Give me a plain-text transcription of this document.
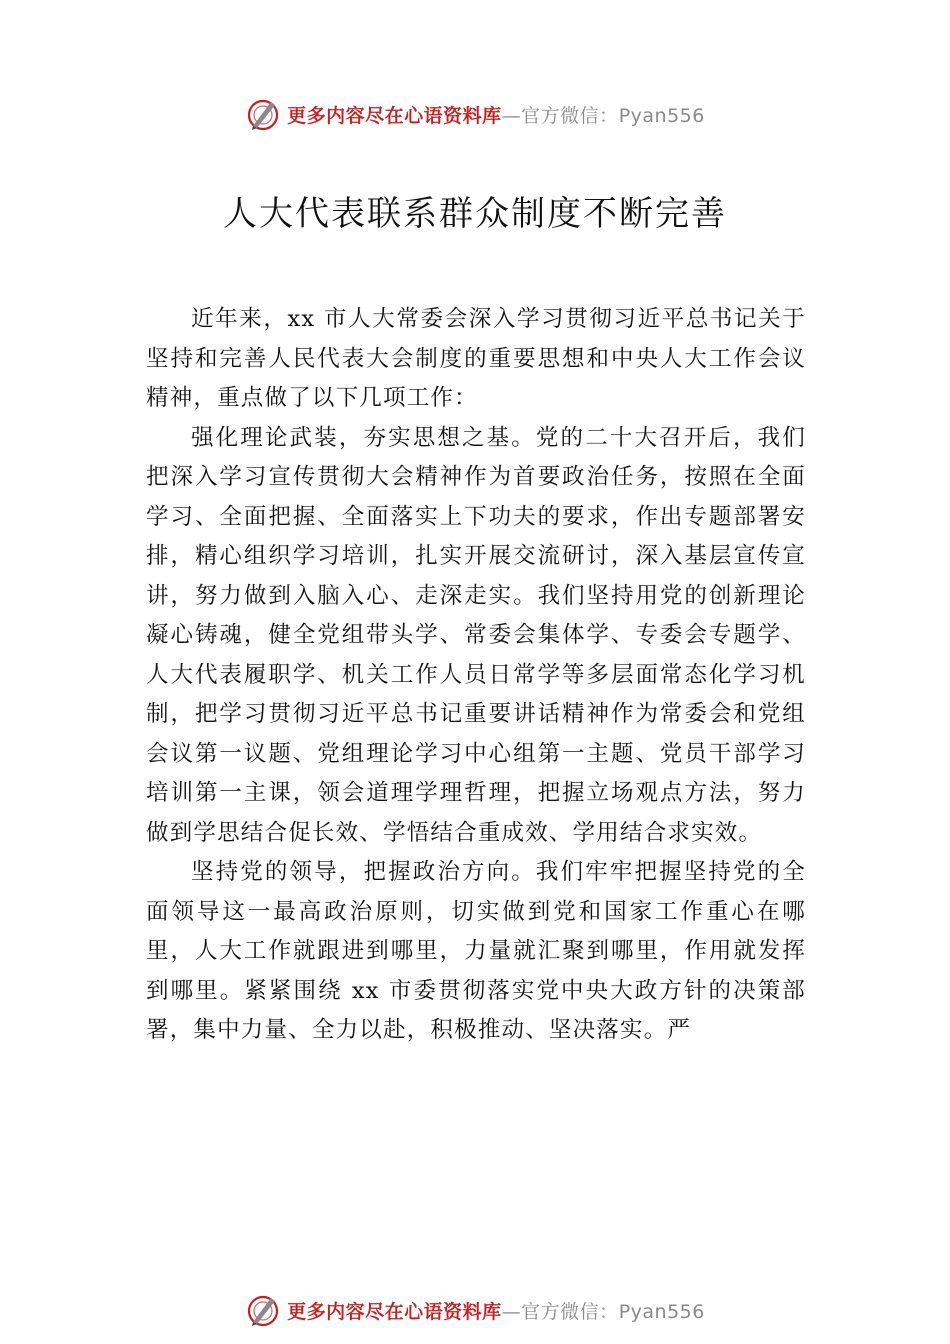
更多内容尽在心语资料库—官方微信：Pyan556
人大代表联系群众制度不断完善

近年来，xx 市人大常委会深入学习贯彻习近平总书记关于坚持和完善人民代表大会制度的重要思想和中央人大工作会议精神，重点做了以下几项工作：

强化理论武装，夯实思想之基。党的二十大召开后，我们把深入学习宣传贯彻大会精神作为首要政治任务，按照在全面学习、全面把握、全面落实上下功夫的要求，作出专题部署安排，精心组织学习培训，扎实开展交流研讨，深入基层宣传宣讲，努力做到入脑入心、走深走实。我们坚持用党的创新理论凝心铸魂，健全党组带头学、常委会集体学、专委会专题学、人大代表履职学、机关工作人员日常学等多层面常态化学习机制，把学习贯彻习近平总书记重要讲话精神作为常委会和党组会议第一议题、党组理论学习中心组第一主题、党员干部学习培训第一主课，领会道理学理哲理，把握立场观点方法，努力做到学思结合促长效、学悟结合重成效、学用结合求实效。

坚持党的领导，把握政治方向。我们牢牢把握坚持党的全面领导这一最高政治原则，切实做到党和国家工作重心在哪里，人大工作就跟进到哪里，力量就汇聚到哪里，作用就发挥到哪里。紧紧围绕 xx 市委贯彻落实党中央大政方针的决策部署，集中力量、全力以赴，积极推动、坚决落实。严

更多内容尽在心语资料库—官方微信：Pyan556
